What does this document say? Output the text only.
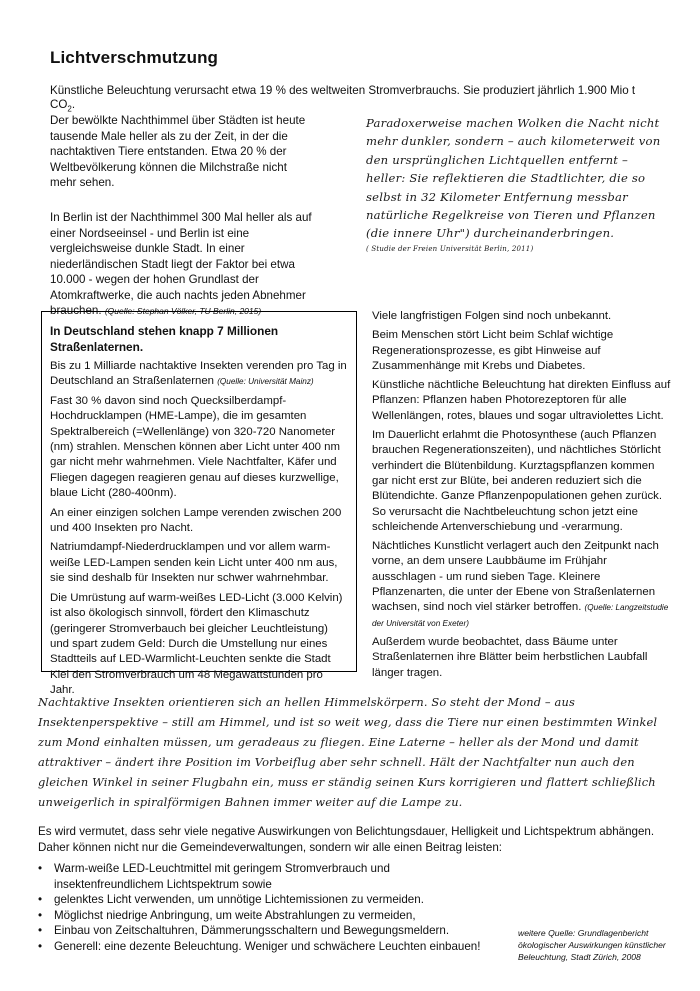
Lichtverschmutzung

Künstliche Beleuchtung verursacht etwa 19 % des weltweiten Stromverbrauchs. Sie produziert jährlich 1.900 Mio t $CO_2$.

Der bewölkte Nachthimmel über Städten ist heute tausende Male heller als zu der Zeit, in der die nachtaktiven Tiere entstanden. Etwa 20 % der Weltbevölkerung können die Milchstraße nicht mehr sehen.

In Berlin ist der Nachthimmel 300 Mal heller als auf einer Nordseeinsel - und Berlin ist eine vergleichsweise dunkle Stadt. In einer niederländischen Stadt liegt der Faktor bei etwa 10.000 - wegen der hohen Grundlast der Atomkraftwerke, die auch nachts jeden Abnehmer brauchen. (Quelle: Stephan Völker, TU Berlin, 2015)

Paradoxerweise machen Wolken die Nacht nicht mehr dunkler, sondern – auch kilometerweit von den ursprünglichen Lichtquellen entfernt – heller: Sie reflektieren die Stadtlichter, die so selbst in 32 Kilometer Entfernung messbar natürliche Regelkreise von Tieren und Pflanzen (die innere Uhr") durcheinanderbringen.
( Studie der Freien Universität Berlin, 2011)

In Deutschland stehen knapp 7 Millionen Straßenlaternen.

Bis zu 1 Milliarde nachtaktive Insekten verenden pro Tag in Deutschland an Straßenlaternen (Quelle: Universität Mainz)

Fast 30 % davon sind noch Quecksilberdampf-Hochdrucklampen (HME-Lampe), die im gesamten Spektralbereich (=Wellenlänge) von 320-720 Nanometer (nm) strahlen. Menschen können aber Licht unter 400 nm gar nicht mehr wahrnehmen. Viele Nachtfalter, Käfer und Fliegen dagegen reagieren genau auf dieses kurzwellige, blaue Licht (280-400nm).

An einer einzigen solchen Lampe verenden zwischen 200 und 400 Insekten pro Nacht.

Natriumdampf-Niederdrucklampen und vor allem warm-weiße LED-Lampen senden kein Licht unter 400 nm aus, sie sind deshalb für Insekten nur schwer wahrnehmbar.

Die Umrüstung auf warm-weißes LED-Licht (3.000 Kelvin) ist also ökologisch sinnvoll, fördert den Klimaschutz (geringerer Stromverbauch bei gleicher Leuchtleistung) und spart zudem Geld: Durch die Umstellung nur eines Stadtteils auf LED-Warmlicht-Leuchten senkte die Stadt Kiel den Stromverbrauch um 48 Megawattstunden pro Jahr.

Viele langfristigen Folgen sind noch unbekannt.

Beim Menschen stört Licht beim Schlaf wichtige Regenerationsprozesse, es gibt Hinweise auf Zusammenhänge mit Krebs und Diabetes.

Künstliche nächtliche Beleuchtung hat direkten Einfluss auf Pflanzen: Pflanzen haben Photorezeptoren für alle Wellenlängen, rotes, blaues und sogar ultraviolettes Licht.

Im Dauerlicht erlahmt die Photosynthese (auch Pflanzen brauchen Regenerationszeiten), und nächtliches Störlicht verhindert die Blütenbildung. Kurztagspflanzen kommen gar nicht erst zur Blüte, bei anderen reduziert sich die Blütendichte. Ganze Pflanzenpopulationen gehen zurück. So verursacht die Nachtbeleuchtung schon jetzt eine schleichende Artenverschiebung und -verarmung.

Nächtliches Kunstlicht verlagert auch den Zeitpunkt nach vorne, an dem unsere Laubbäume im Frühjahr ausschlagen - um rund sieben Tage. Kleinere Pflanzenarten, die unter der Ebene von Straßenlaternen wachsen, sind noch viel stärker betroffen. (Quelle: Langzeitstudie der Universität von Exeter)

Außerdem wurde beobachtet, dass Bäume unter Straßenlaternen ihre Blätter beim herbstlichen Laubfall länger tragen.

Nachtaktive Insekten orientieren sich an hellen Himmelskörpern. So steht der Mond – aus Insektenperspektive – still am Himmel, und ist so weit weg, dass die Tiere nur einen bestimmten Winkel zum Mond einhalten müssen, um geradeaus zu fliegen. Eine Laterne – heller als der Mond und damit attraktiver – ändert ihre Position im Vorbeiflug aber sehr schnell. Hält der Nachtfalter nun auch den gleichen Winkel in seiner Flugbahn ein, muss er ständig seinen Kurs korrigieren und flattert schließlich unweigerlich in spiralförmigen Bahnen immer weiter auf die Lampe zu.

Es wird vermutet, dass sehr viele negative Auswirkungen von Belichtungsdauer, Helligkeit und Lichtspektrum abhängen. Daher können nicht nur die Gemeindeverwaltungen, sondern wir alle einen Beitrag leisten:

• Warm-weiße LED-Leuchtmittel mit geringem Stromverbrauch und insektenfreundlichem Lichtspektrum sowie
• gelenktes Licht verwenden, um unnötige Lichtemissionen zu vermeiden.
• Möglichst niedrige Anbringung, um weite Abstrahlungen zu vermeiden,
• Einbau von Zeitschaltuhren, Dämmerungsschaltern und Bewegungsmeldern.
• Generell: eine dezente Beleuchtung. Weniger und schwächere Leuchten einbauen!

weitere Quelle: Grundlagenbericht ökologischer Auswirkungen künstlicher Beleuchtung, Stadt Zürich, 2008
